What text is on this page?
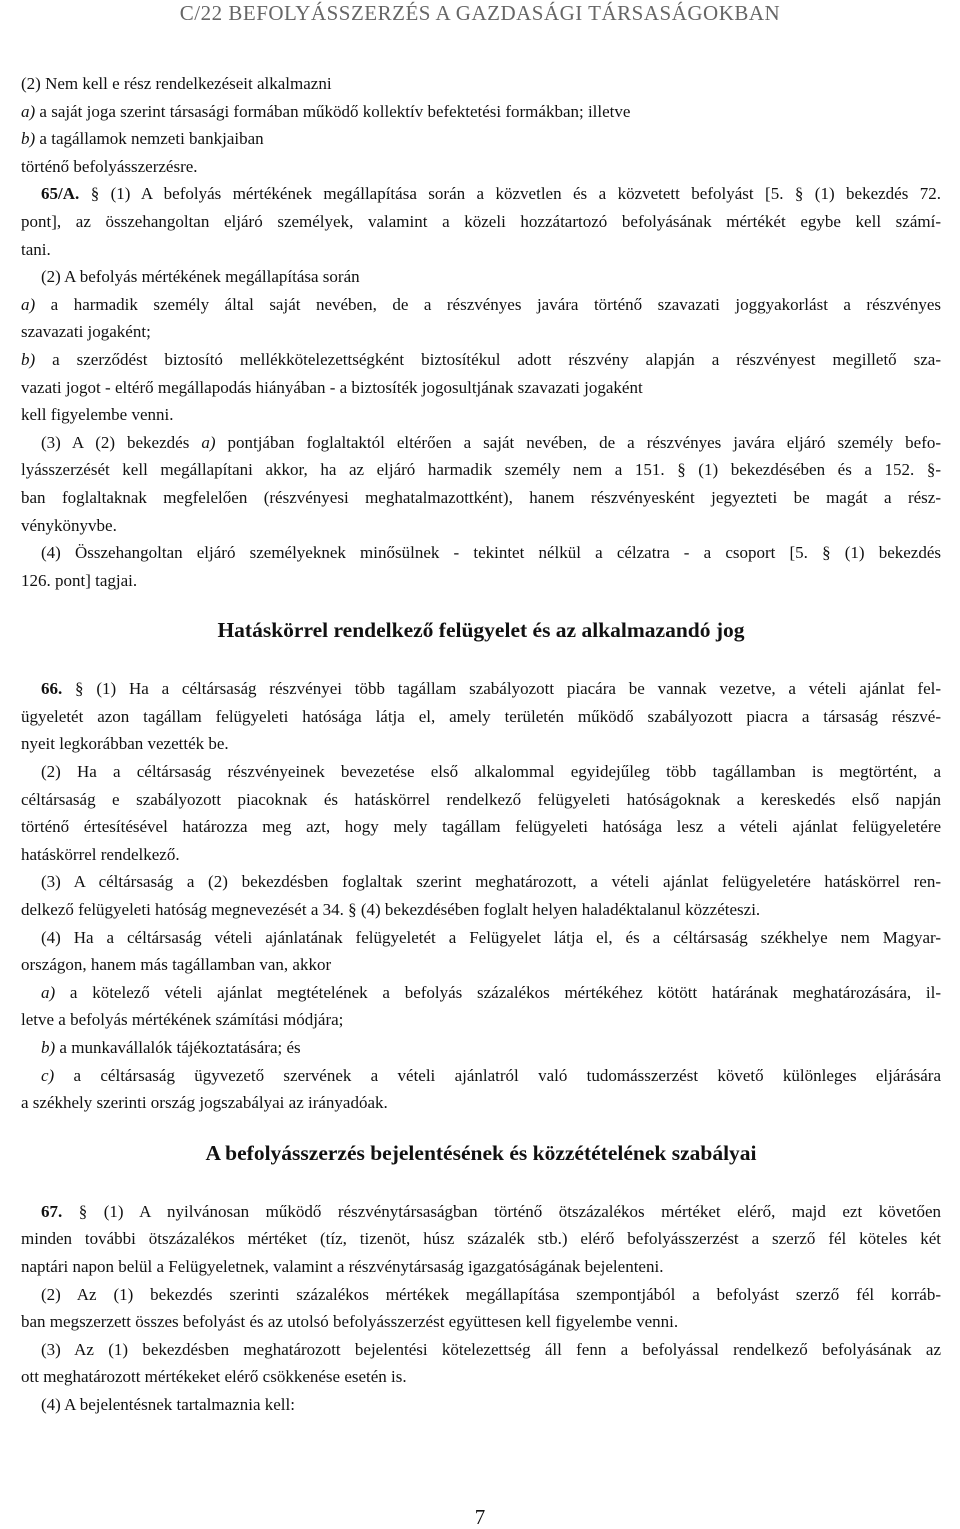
C/22 BEFOLYÁSSZERZÉS A GAZDASÁGI TÁRSASÁGOKBAN

(2) Nem kell e rész rendelkezéseit alkalmazni

a) a saját joga szerint társasági formában működő kollektív befektetési formákban; illetve

b) a tagállamok nemzeti bankjaiban

történő befolyásszerzésre.

65/A. § (1) A befolyás mértékének megállapítása során a közvetlen és a közvetett befolyást [5. § (1) bekezdés 72.

pont], az összehangoltan eljáró személyek, valamint a közeli hozzátartozó befolyásának mértékét egybe kell számí-

tani.

(2) A befolyás mértékének megállapítása során

a) a harmadik személy által saját nevében, de a részvényes javára történő szavazati joggyakorlást a részvényes

szavazati jogaként;

b) a szerződést biztosító mellékkötelezettségként biztosítékul adott részvény alapján a részvényest megillető sza-

vazati jogot - eltérő megállapodás hiányában - a biztosíték jogosultjának szavazati jogaként

kell figyelembe venni.

(3) A (2) bekezdés a) pontjában foglaltaktól eltérően a saját nevében, de a részvényes javára eljáró személy befo-

lyásszerzését kell megállapítani akkor, ha az eljáró harmadik személy nem a 151. § (1) bekezdésében és a 152. §-

ban foglaltaknak megfelelően (részvényesi meghatalmazottként), hanem részvényesként jegyezteti be magát a rész-

vénykönyvbe.

(4) Összehangoltan eljáró személyeknek minősülnek - tekintet nélkül a célzatra - a csoport [5. § (1) bekezdés

126. pont] tagjai.

Hatáskörrel rendelkező felügyelet és az alkalmazandó jog

66. § (1) Ha a céltársaság részvényei több tagállam szabályozott piacára be vannak vezetve, a vételi ajánlat fel-

ügyeletét azon tagállam felügyeleti hatósága látja el, amely területén működő szabályozott piacra a társaság részvé-

nyeit legkorábban vezették be.

(2) Ha a céltársaság részvényeinek bevezetése első alkalommal egyidejűleg több tagállamban is megtörtént, a

céltársaság e szabályozott piacoknak és hatáskörrel rendelkező felügyeleti hatóságoknak a kereskedés első napján

történő értesítésével határozza meg azt, hogy mely tagállam felügyeleti hatósága lesz a vételi ajánlat felügyeletére

hatáskörrel rendelkező.

(3) A céltársaság a (2) bekezdésben foglaltak szerint meghatározott, a vételi ajánlat felügyeletére hatáskörrel ren-

delkező felügyeleti hatóság megnevezését a 34. § (4) bekezdésében foglalt helyen haladéktalanul közzéteszi.

(4) Ha a céltársaság vételi ajánlatának felügyeletét a Felügyelet látja el, és a céltársaság székhelye nem Magyar-

országon, hanem más tagállamban van, akkor

a) a kötelező vételi ajánlat megtételének a befolyás százalékos mértékéhez kötött határának meghatározására, il-

letve a befolyás mértékének számítási módjára;

b) a munkavállalók tájékoztatására; és

c) a céltársaság ügyvezető szervének a vételi ajánlatról való tudomásszerzést követő különleges eljárására

a székhely szerinti ország jogszabályai az irányadóak.

A befolyásszerzés bejelentésének és közzétételének szabályai

67. § (1) A nyilvánosan működő részvénytársaságban történő ötszázalékos mértéket elérő, majd ezt követően

minden további ötszázalékos mértéket (tíz, tizenöt, húsz százalék stb.) elérő befolyásszerzést a szerző fél köteles két

naptári napon belül a Felügyeletnek, valamint a részvénytársaság igazgatóságának bejelenteni.

(2) Az (1) bekezdés szerinti százalékos mértékek megállapítása szempontjából a befolyást szerző fél korráb-

ban megszerzett összes befolyást és az utolsó befolyásszerzést együttesen kell figyelembe venni.

(3) Az (1) bekezdésben meghatározott bejelentési kötelezettség áll fenn a befolyással rendelkező befolyásának az

ott meghatározott mértékeket elérő csökkenése esetén is.

(4) A bejelentésnek tartalmaznia kell:

7
